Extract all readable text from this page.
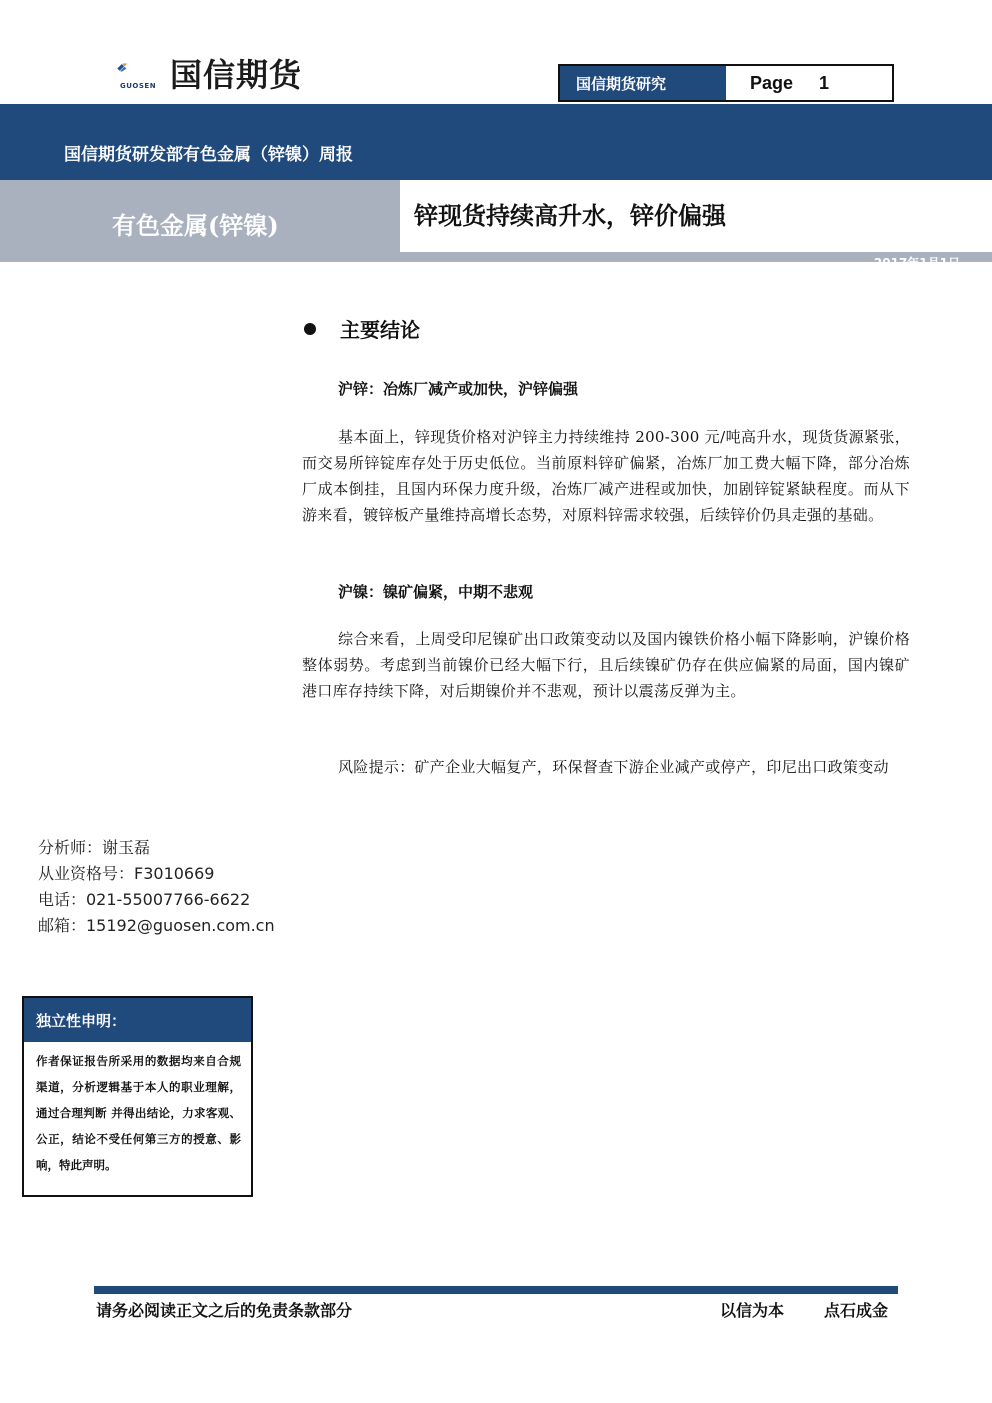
国信期货
GUOSEN	国信期货研究	Page 1
国信期货研发部有色金属（锌镍）周报
有色金属(锌镍)	锌现货持续高升水，锌价偏强
2017年1月1日
主要结论
沪锌：冶炼厂减产或加快，沪锌偏强

基本面上，锌现货价格对沪锌主力持续维持 200-300 元/吨高升水，现货货源紧张，而交易所锌锭库存处于历史低位。当前原料锌矿偏紧，冶炼厂加工费大幅下降，部分冶炼厂成本倒挂，且国内环保力度升级，冶炼厂减产进程或加快，加剧锌锭紧缺程度。而从下游来看，镀锌板产量维持高增长态势，对原料锌需求较强，后续锌价仍具走强的基础。

沪镍：镍矿偏紧，中期不悲观

综合来看，上周受印尼镍矿出口政策变动以及国内镍铁价格小幅下降影响，沪镍价格整体弱势。考虑到当前镍价已经大幅下行，且后续镍矿仍存在供应偏紧的局面，国内镍矿港口库存持续下降，对后期镍价并不悲观，预计以震荡反弹为主。

风险提示：矿产企业大幅复产，环保督查下游企业减产或停产，印尼出口政策变动

分析师：谢玉磊
从业资格号：F3010669
电话：021-55007766-6622
邮箱：15192@guosen.com.cn
独立性申明：
作者保证报告所采用的数据均来自合规渠道，分析逻辑基于本人的职业理解，通过合理判断 并得出结论，力求客观、公正，结论不受任何第三方的授意、影响，特此声明。
请务必阅读正文之后的免责条款部分	以信为本 点石成金
